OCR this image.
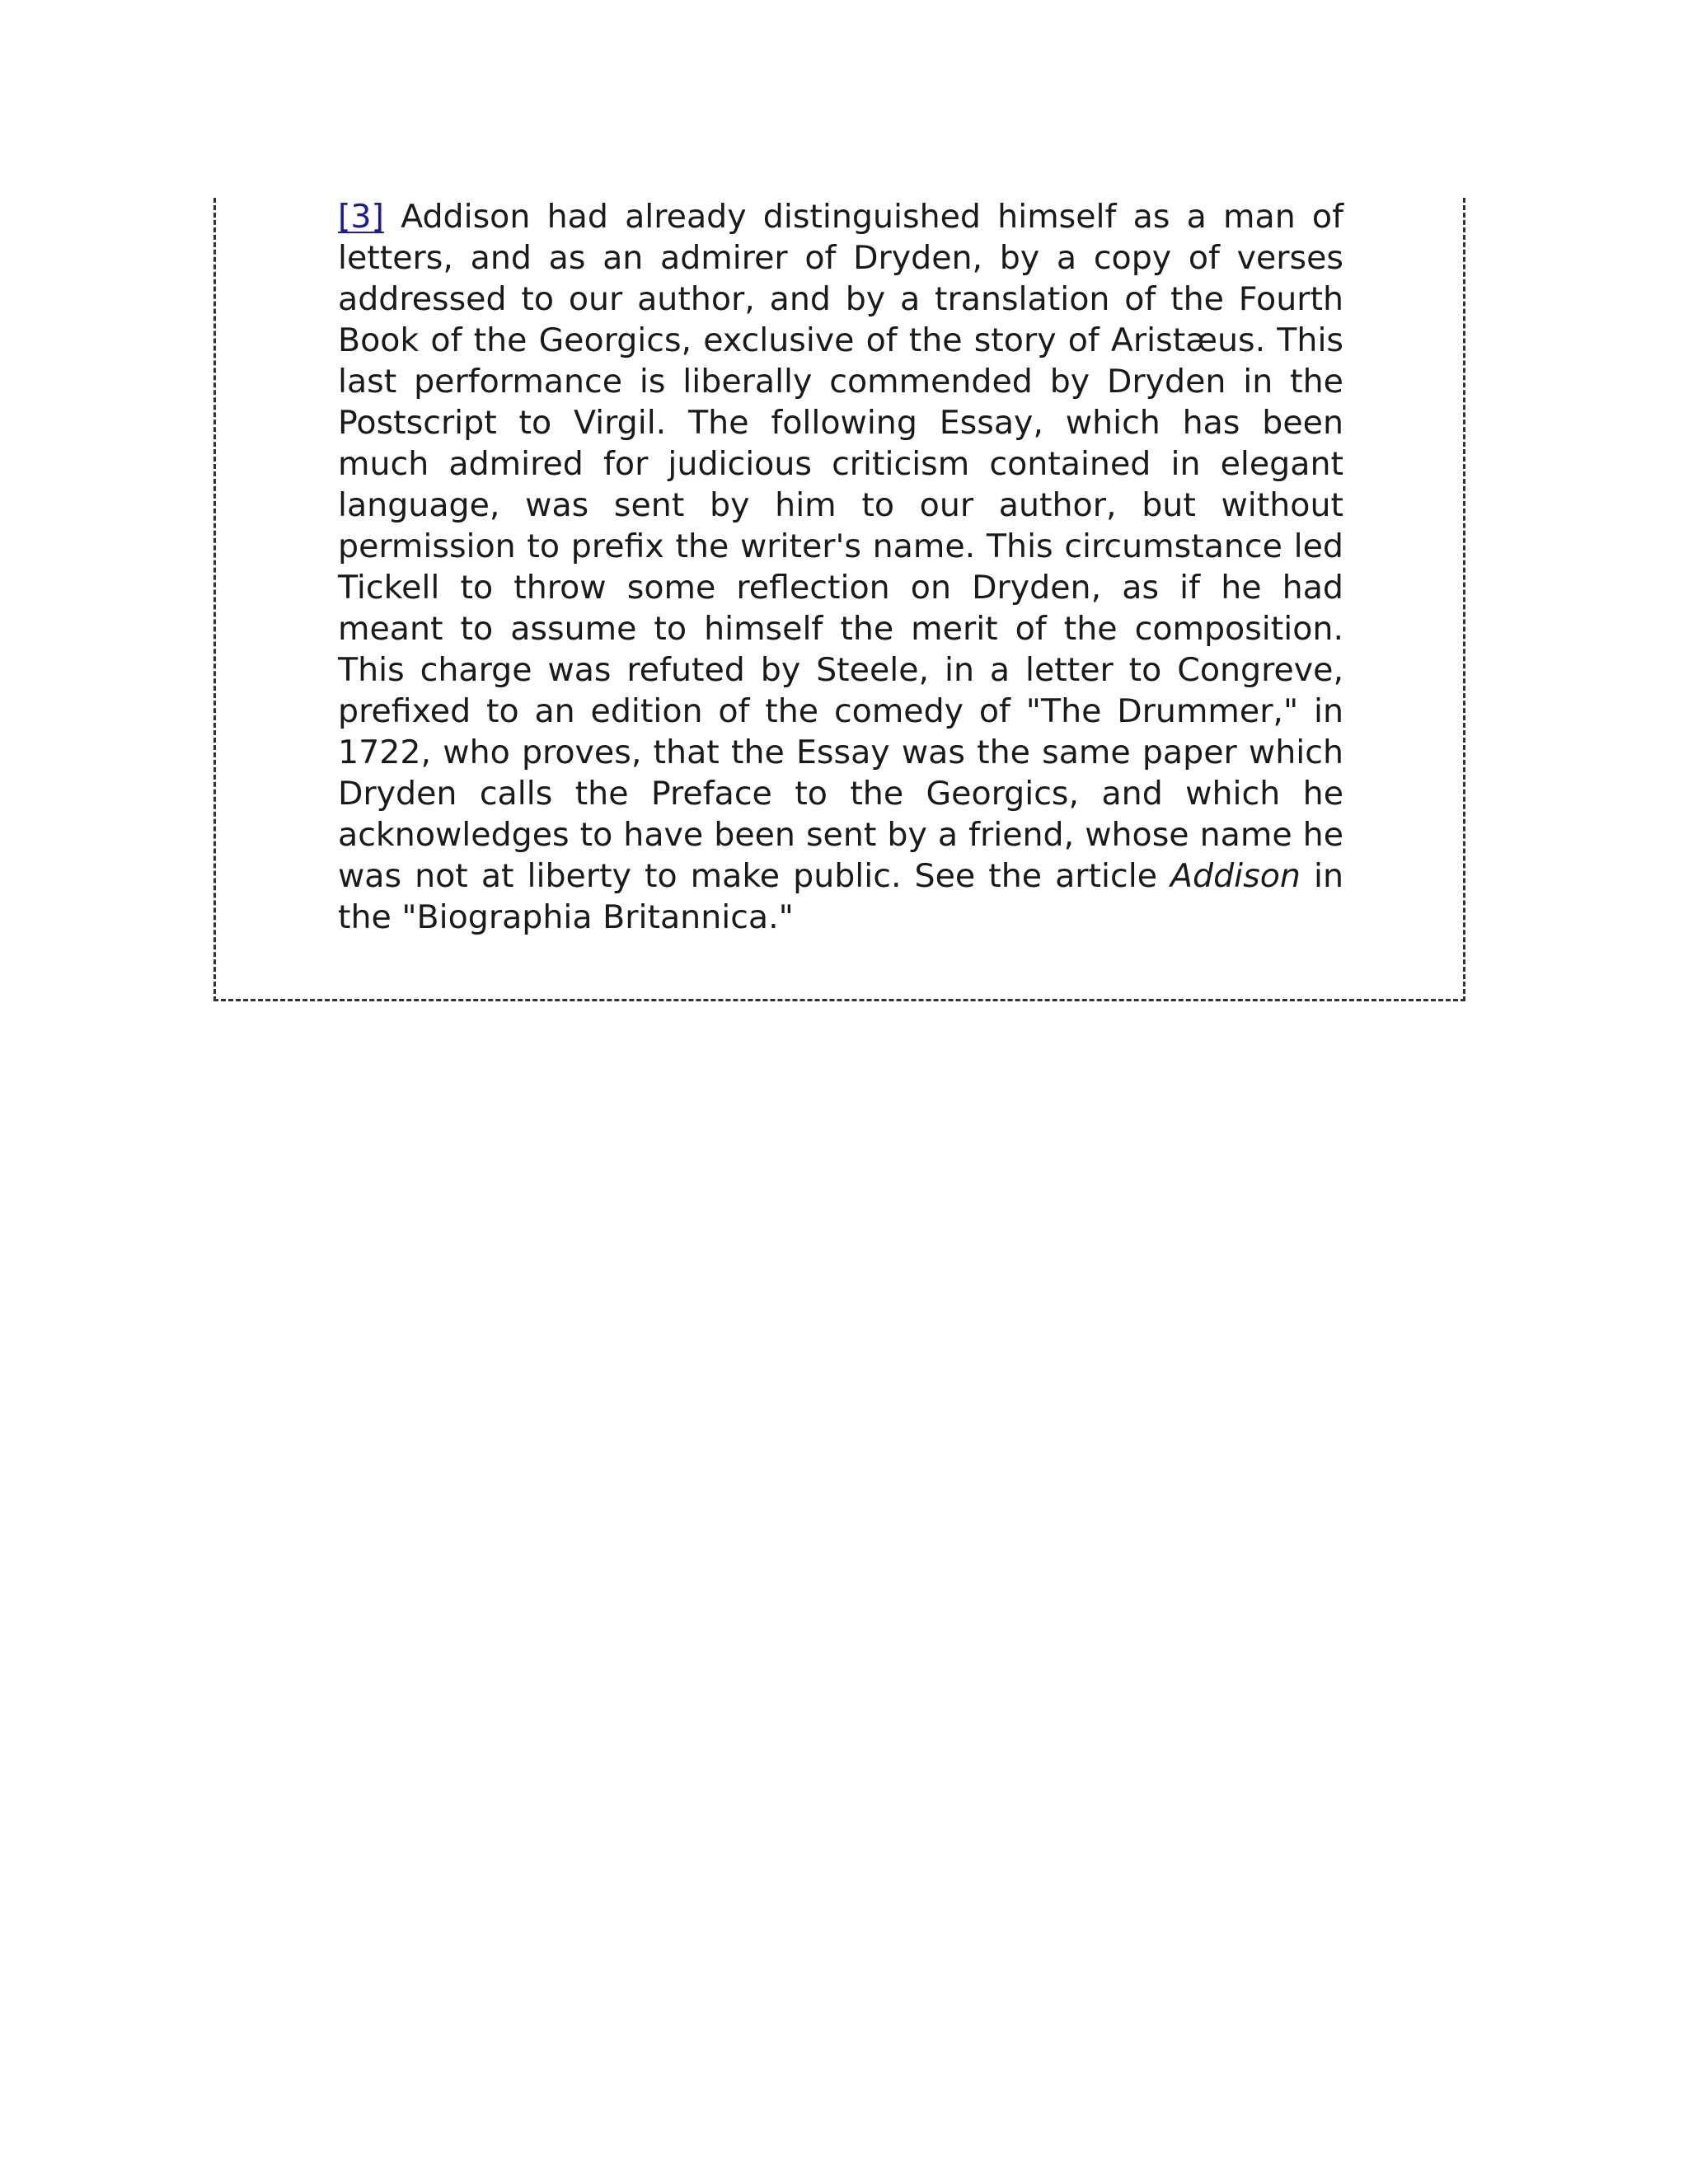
[3] Addison had already distinguished himself as a man of letters, and as an admirer of Dryden, by a copy of verses addressed to our author, and by a translation of the Fourth Book of the Georgics, exclusive of the story of Aristæus. This last performance is liberally commended by Dryden in the Postscript to Virgil. The following Essay, which has been much admired for judicious criticism contained in elegant language, was sent by him to our author, but without permission to prefix the writer's name. This circumstance led Tickell to throw some reflection on Dryden, as if he had meant to assume to himself the merit of the composition. This charge was refuted by Steele, in a letter to Congreve, prefixed to an edition of the comedy of "The Drummer," in 1722, who proves, that the Essay was the same paper which Dryden calls the Preface to the Georgics, and which he acknowledges to have been sent by a friend, whose name he was not at liberty to make public. See the article Addison in the "Biographia Britannica."
